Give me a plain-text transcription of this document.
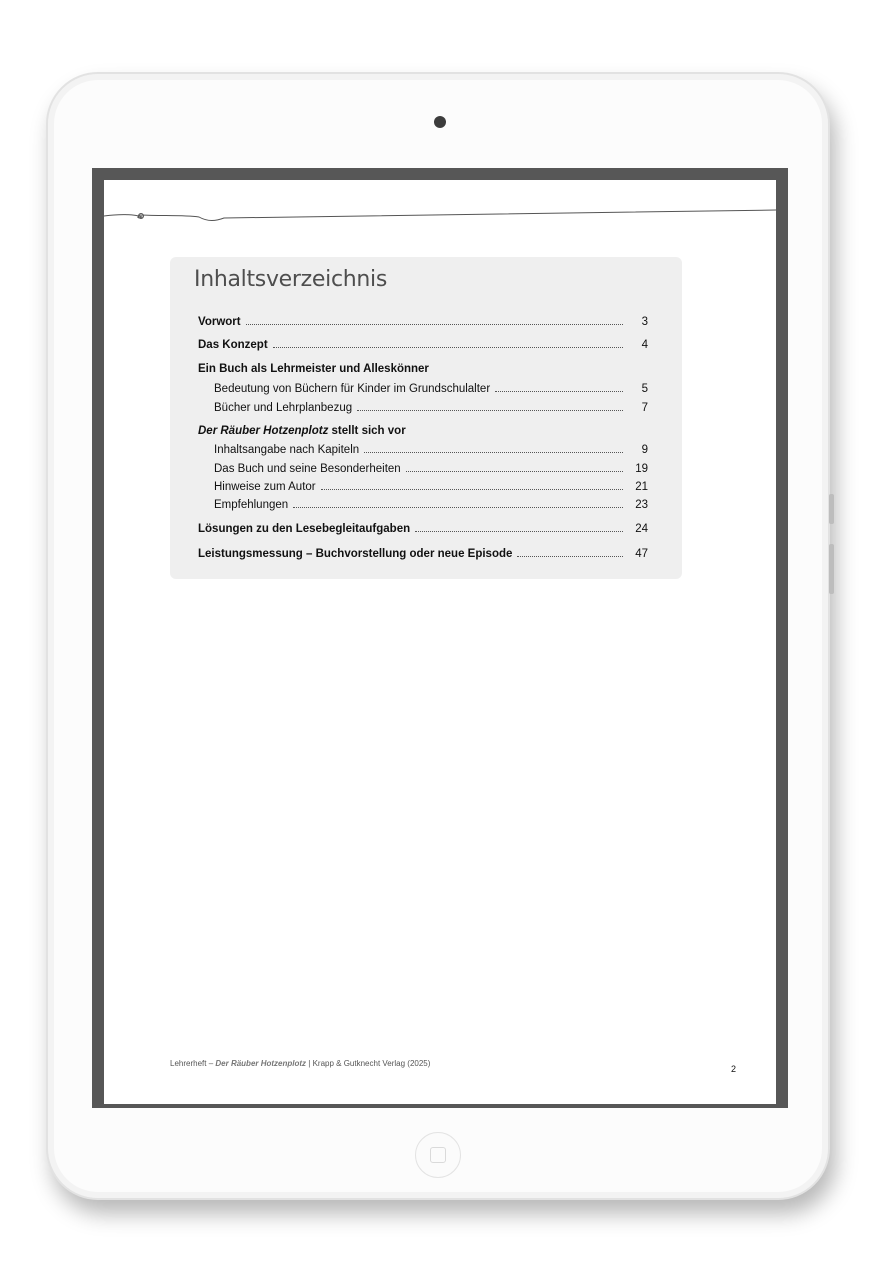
Inhaltsverzeichnis
Vorwort	3
Das Konzept	4
Ein Buch als Lehrmeister und Alleskönner
Bedeutung von Büchern für Kinder im Grundschulalter	5
Bücher und Lehrplanbezug	7
Der Räuber Hotzenplotz stellt sich vor
Inhaltsangabe nach Kapiteln	9
Das Buch und seine Besonderheiten	19
Hinweise zum Autor	21
Empfehlungen	23
Lösungen zu den Lesebegleitaufgaben	24
Leistungsmessung – Buchvorstellung oder neue Episode	47
Lehrerheft – Der Räuber Hotzenplotz | Krapp & Gutknecht Verlag (2025)
2
